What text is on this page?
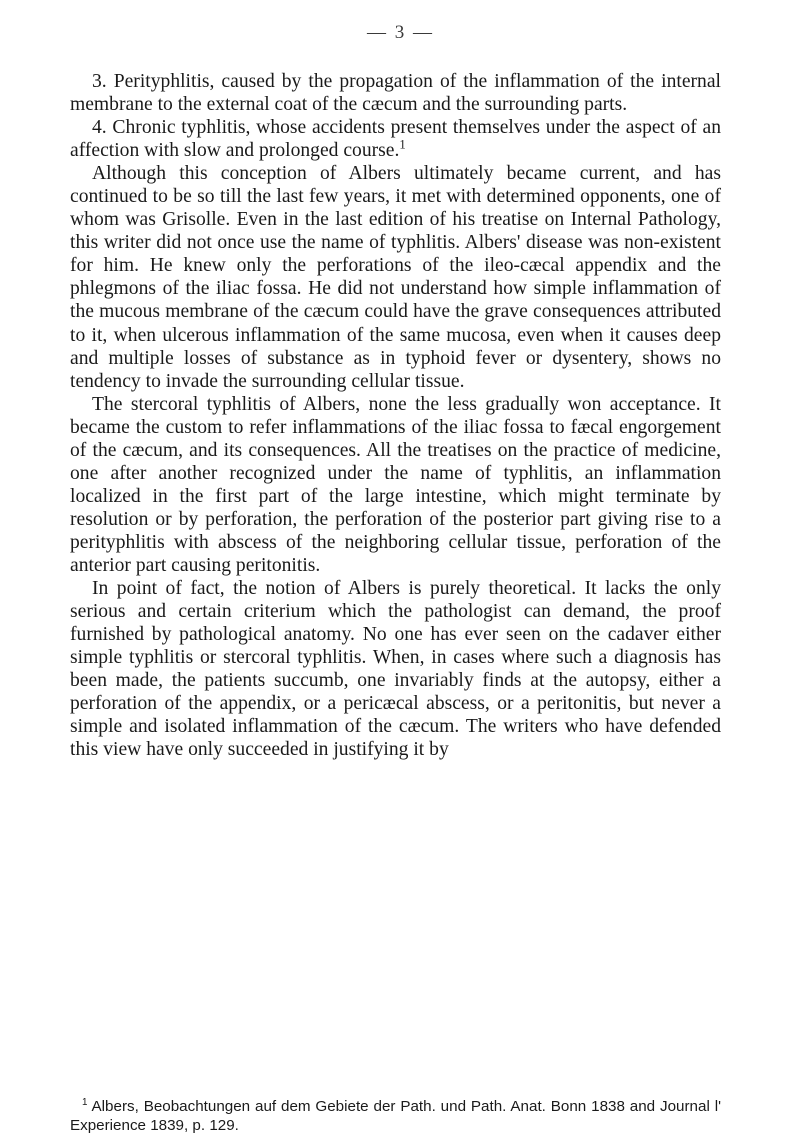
— 3 —

3. Perityphlitis, caused by the propagation of the inflammation of the internal membrane to the external coat of the cæcum and the surrounding parts.

4. Chronic typhlitis, whose accidents present themselves under the aspect of an affection with slow and prolonged course.$^1$

Although this conception of Albers ultimately became current, and has continued to be so till the last few years, it met with determined opponents, one of whom was Grisolle. Even in the last edition of his treatise on Internal Pathology, this writer did not once use the name of typhlitis. Albers' disease was non-existent for him. He knew only the perforations of the ileo-cæcal appendix and the phlegmons of the iliac fossa. He did not understand how simple inflammation of the mucous membrane of the cæcum could have the grave consequences attributed to it, when ulcerous inflammation of the same mucosa, even when it causes deep and multiple losses of substance as in typhoid fever or dysentery, shows no tendency to invade the surrounding cellular tissue.

The stercoral typhlitis of Albers, none the less gradually won acceptance. It became the custom to refer inflammations of the iliac fossa to fæcal engorgement of the cæcum, and its consequences. All the treatises on the practice of medicine, one after another recognized under the name of typhlitis, an inflammation localized in the first part of the large intestine, which might terminate by resolution or by perforation, the perforation of the posterior part giving rise to a perityphlitis with abscess of the neighboring cellular tissue, perforation of the anterior part causing peritonitis.

In point of fact, the notion of Albers is purely theoretical. It lacks the only serious and certain criterium which the pathologist can demand, the proof furnished by pathological anatomy. No one has ever seen on the cadaver either simple typhlitis or stercoral typhlitis. When, in cases where such a diagnosis has been made, the patients succumb, one invariably finds at the autopsy, either a perforation of the appendix, or a pericæcal abscess, or a peritonitis, but never a simple and isolated inflammation of the cæcum. The writers who have defended this view have only succeeded in justifying it by

$^1$ Albers, Beobachtungen auf dem Gebiete der Path. und Path. Anat. Bonn 1838 and Journal l' Experience 1839, p. 129.
